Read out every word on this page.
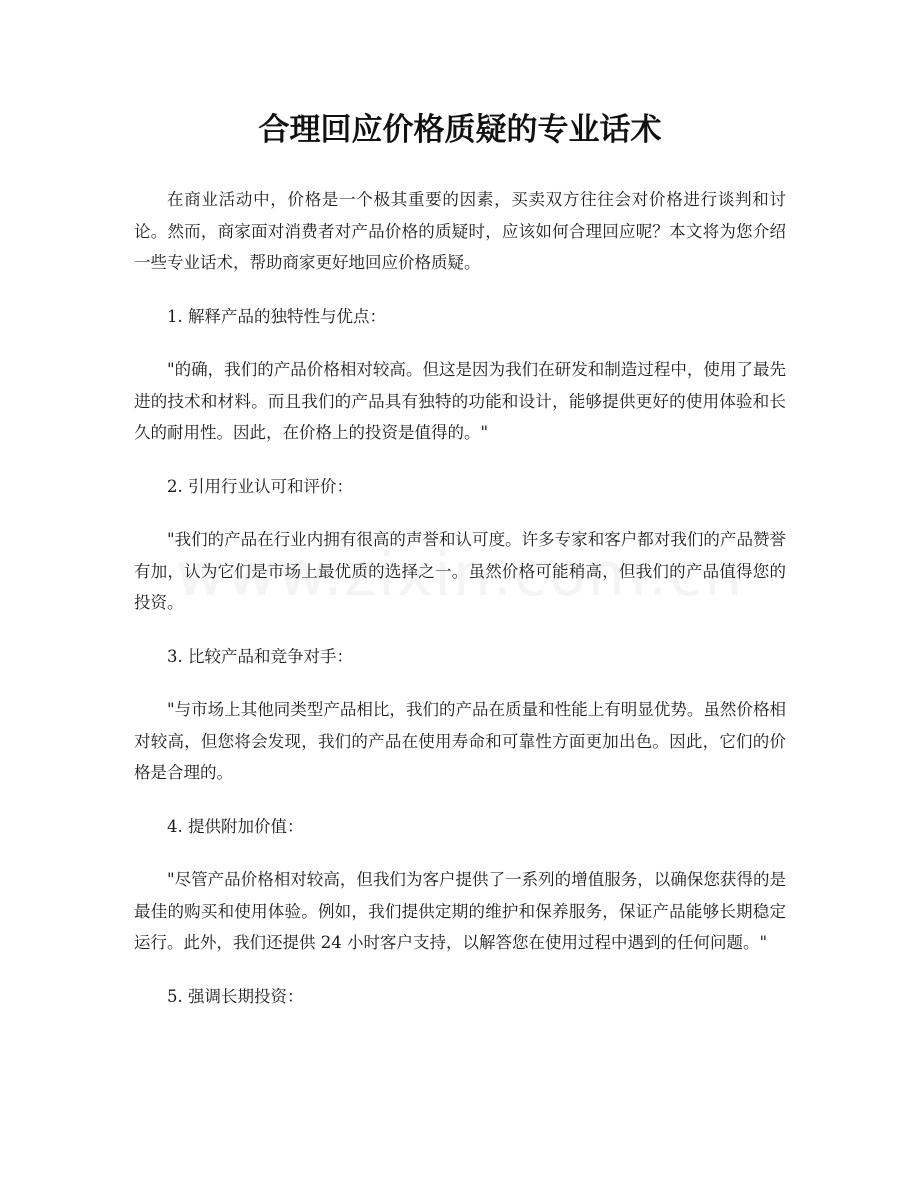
合理回应价格质疑的专业话术

在商业活动中，价格是一个极其重要的因素，买卖双方往往会对价格进行谈判和讨论。然而，商家面对消费者对产品价格的质疑时，应该如何合理回应呢？本文将为您介绍一些专业话术，帮助商家更好地回应价格质疑。

1. 解释产品的独特性与优点：

"的确，我们的产品价格相对较高。但这是因为我们在研发和制造过程中，使用了最先进的技术和材料。而且我们的产品具有独特的功能和设计，能够提供更好的使用体验和长久的耐用性。因此，在价格上的投资是值得的。"

2. 引用行业认可和评价：

"我们的产品在行业内拥有很高的声誉和认可度。许多专家和客户都对我们的产品赞誉有加，认为它们是市场上最优质的选择之一。虽然价格可能稍高，但我们的产品值得您的投资。

3. 比较产品和竞争对手：

"与市场上其他同类型产品相比，我们的产品在质量和性能上有明显优势。虽然价格相对较高，但您将会发现，我们的产品在使用寿命和可靠性方面更加出色。因此，它们的价格是合理的。

4. 提供附加价值：

"尽管产品价格相对较高，但我们为客户提供了一系列的增值服务，以确保您获得的是最佳的购买和使用体验。例如，我们提供定期的维护和保养服务，保证产品能够长期稳定运行。此外，我们还提供 24 小时客户支持，以解答您在使用过程中遇到的任何问题。"

5. 强调长期投资：
